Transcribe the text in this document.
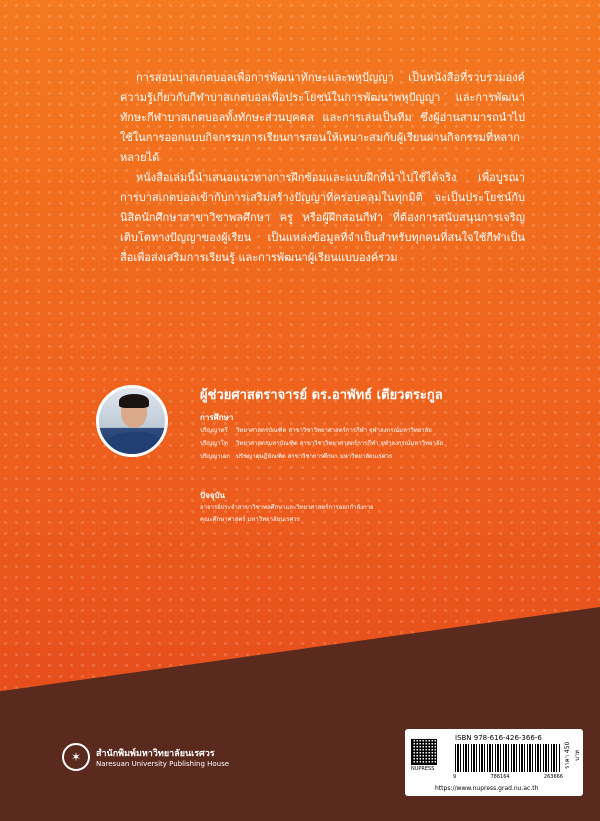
การสอนบาสเกตบอลเพื่อการพัฒนาทักษะและพหุปัญญา เป็นหนังสือที่รวบรวมองค์ความรู้เกี่ยวกับกีฬาบาสเกตบอลเพื่อประโยชน์ในการพัฒนาพหุปัญญา และการพัฒนาทักษะกีฬาบาสเกตบอลทั้งทักษะส่วนบุคคล และการเล่นเป็นทีม ซึ่งผู้อ่านสามารถนำไปใช้ในการออกแบบกิจกรรมการเรียนการสอนให้เหมาะสมกับผู้เรียนผ่านกิจกรรมที่หลากหลายได้

หนังสือเล่มนี้นำเสนอแนวทางการฝึกซ้อมและแบบฝึกที่นำไปใช้ได้จริง เพื่อบูรณาการบาสเกตบอลเข้ากับการเสริมสร้างปัญญาที่ครอบคลุมในทุกมิติ จะเป็นประโยชน์กับนิสิตนักศึกษาสาขาวิชาพลศึกษา ครู หรือผู้ฝึกสอนกีฬา ที่ต้องการสนับสนุนการเจริญเติบโตทางปัญญาของผู้เรียน เป็นแหล่งข้อมูลที่จำเป็นสำหรับทุกคนที่สนใจใช้กีฬาเป็นสื่อเพื่อส่งเสริมการเรียนรู้ และการพัฒนาผู้เรียนแบบองค์รวม

ผู้ช่วยศาสตราจารย์ ดร.อาพัทธ์ เตียวตระกูล
การศึกษา
ปริญญาตรี	วิทยาศาสตรบัณฑิต สาขาวิชาวิทยาศาสตร์การกีฬา จุฬาลงกรณ์มหาวิทยาลัย
ปริญญาโท	วิทยาศาสตรมหาบัณฑิต สาขาวิชาวิทยาศาสตร์การกีฬา จุฬาลงกรณ์มหาวิทยาลัย
ปริญญาเอก	ปรัชญาดุษฎีบัณฑิต สาขาวิชาการศึกษา มหาวิทยาลัยนเรศวร
ปัจจุบัน
อาจารย์ประจำสาขาวิชาพลศึกษาและวิทยาศาสตร์การออกกำลังกาย
คณะศึกษาศาสตร์ มหาวิทยาลัยนเรศวร
✶	สำนักพิมพ์มหาวิทยาลัยนเรศวร
Naresuan University Publishing House
NUPRESS
ISBN 978-616-426-366-6
9	786164	263666
ราคา 450 บาท
https://www.nupress.grad.nu.ac.th
